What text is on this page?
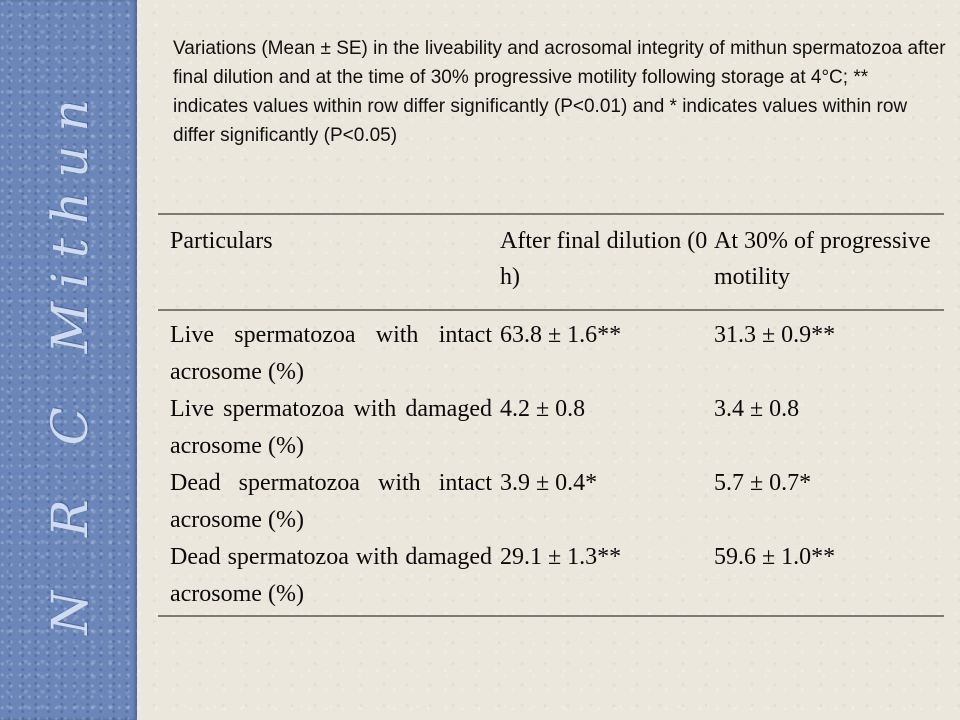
N R C Mithun

Variations (Mean ± SE) in the liveability and acrosomal integrity of mithun spermatozoa after final dilution and at the time of 30% progressive motility following storage at 4°C; ** indicates values within row differ significantly (P<0.01) and * indicates values within row differ significantly (P<0.05)

Particulars	After final dilution (0 h)	At 30% of progressive motility

Live spermatozoa with intact acrosome (%)	63.8 ± 1.6**	31.3 ± 0.9**

Live spermatozoa with damaged acrosome (%)	4.2 ± 0.8	3.4 ± 0.8

Dead spermatozoa with intact acrosome (%)	3.9 ± 0.4*	5.7 ± 0.7*

Dead spermatozoa with damaged acrosome (%)	29.1 ± 1.3**	59.6 ± 1.0**
